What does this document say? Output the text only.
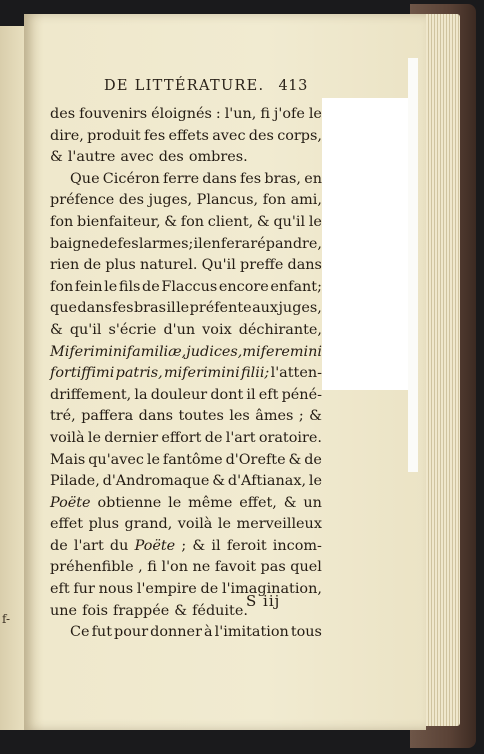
f-
DE LITTÉRATURE. 413
des fouvenirs éloignés : l'un, fi j'ofe le
dire, produit fes effets avec des corps,
& l'autre avec des ombres.
Que Cicéron ferre dans fes bras, en
préfence des juges, Plancus, fon ami,
fon bienfaiteur, & fon client, & qu'il le
baigne de fes larmes; il en fera répandre,
rien de plus naturel. Qu'il preffe dans
fon fein le fils de Flaccus encore enfant;
que dans fes bras il le préfente aux juges,
& qu'il s'écrie d'un voix déchirante,
Miferimini familiæ, judices, miferemini
fortiffimi patris, miferimini filii; l'atten-
driffement, la douleur dont il eft péné-
tré, paffera dans toutes les âmes ; &
voilà le dernier effort de l'art oratoire.
Mais qu'avec le fantôme d'Orefte & de
Pilade, d'Andromaque & d'Aftianax, le
Poëte obtienne le même effet, & un
effet plus grand, voilà le merveilleux
de l'art du Poëte ; & il feroit incom-
préhenfible , fi l'on ne favoit pas quel
eft fur nous l'empire de l'imagination,
une fois frappée & féduite.
Ce fut pour donner à l'imitation tous
S iij
